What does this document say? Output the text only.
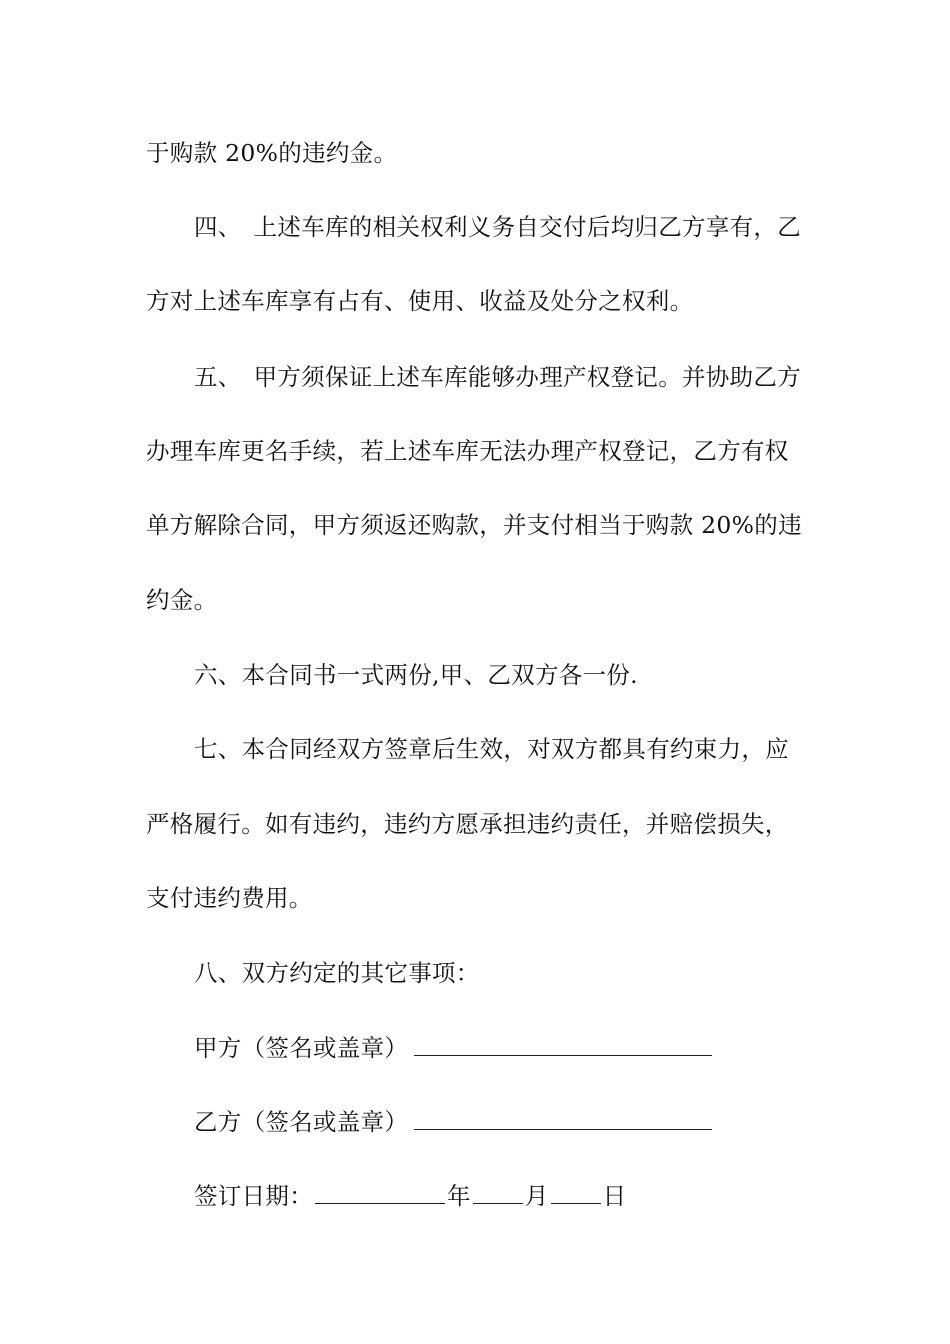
于购款 20%的违约金。
四、 上述车库的相关权利义务自交付后均归乙方享有，乙
方对上述车库享有占有、使用、收益及处分之权利。
五、 甲方须保证上述车库能够办理产权登记。并协助乙方
办理车库更名手续，若上述车库无法办理产权登记，乙方有权
单方解除合同，甲方须返还购款，并支付相当于购款 20%的违
约金。
六、本合同书一式两份,甲、乙双方各一份.
七、本合同经双方签章后生效，对双方都具有约束力，应
严格履行。如有违约，违约方愿承担违约责任，并赔偿损失，
支付违约费用。
八、双方约定的其它事项：
甲方（签名或盖章）
乙方（签名或盖章）
签订日期：	年 月 日
